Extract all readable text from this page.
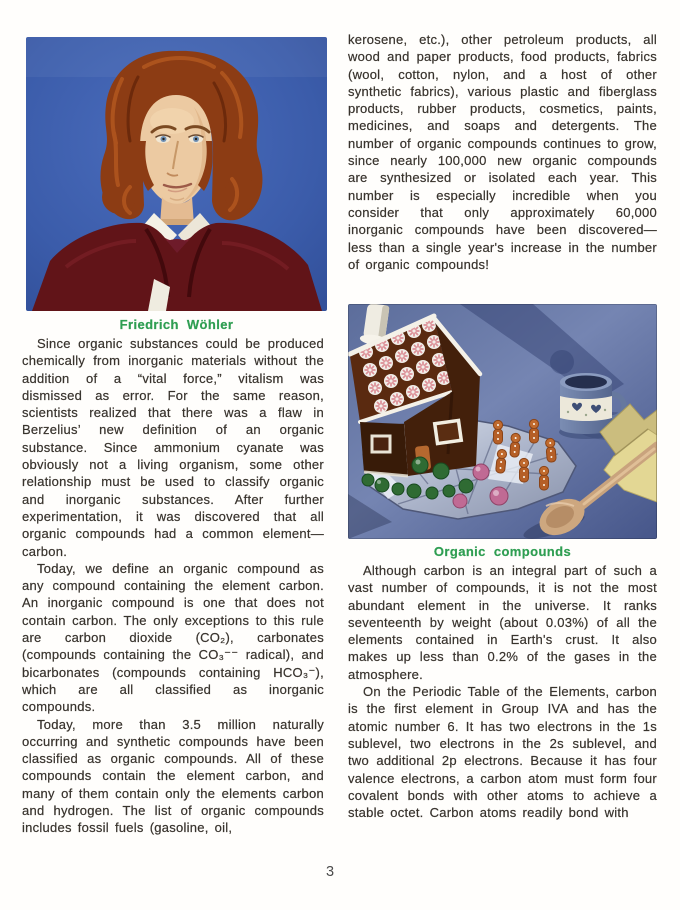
Friedrich Wöhler

Since organic substances could be produced chemically from inorganic materials without the addition of a “vital force,” vitalism was dismissed as error. For the same reason, scientists realized that there was a flaw in Berzelius’ new definition of an organic substance. Since ammonium cyanate was obviously not a living organism, some other relationship must be used to classify organic and inorganic substances. After further experimentation, it was discovered that all organic compounds had a common element—carbon.

Today, we define an organic compound as any compound containing the element carbon. An inorganic compound is one that does not contain carbon. The only exceptions to this rule are carbon dioxide (CO₂), carbonates (compounds containing the CO₃⁻⁻ radical), and bicarbonates (compounds containing HCO₃⁻), which are all classified as inorganic compounds.

Today, more than 3.5 million naturally occurring and synthetic compounds have been classified as organic compounds. All of these compounds contain the element carbon, and many of them contain only the elements carbon and hydrogen. The list of organic compounds includes fossil fuels (gasoline, oil,

kerosene, etc.), other petroleum products, all wood and paper products, food products, fabrics (wool, cotton, nylon, and a host of other synthetic fabrics), various plastic and fiberglass products, rubber products, cosmetics, paints, medicines, and soaps and detergents. The number of organic compounds continues to grow, since nearly 100,000 new organic compounds are synthesized or isolated each year. This number is especially incredible when you consider that only approximately 60,000 inorganic compounds have been discovered—less than a single year's increase in the number of organic compounds!

Organic compounds

Although carbon is an integral part of such a vast number of compounds, it is not the most abundant element in the universe. It ranks seventeenth by weight (about 0.03%) of all the elements contained in Earth's crust. It also makes up less than 0.2% of the gases in the atmosphere.

On the Periodic Table of the Elements, carbon is the first element in Group IVA and has the atomic number 6. It has two electrons in the 1s sublevel, two electrons in the 2s sublevel, and two additional 2p electrons. Because it has four valence electrons, a carbon atom must form four covalent bonds with other atoms to achieve a stable octet. Carbon atoms readily bond with

3
